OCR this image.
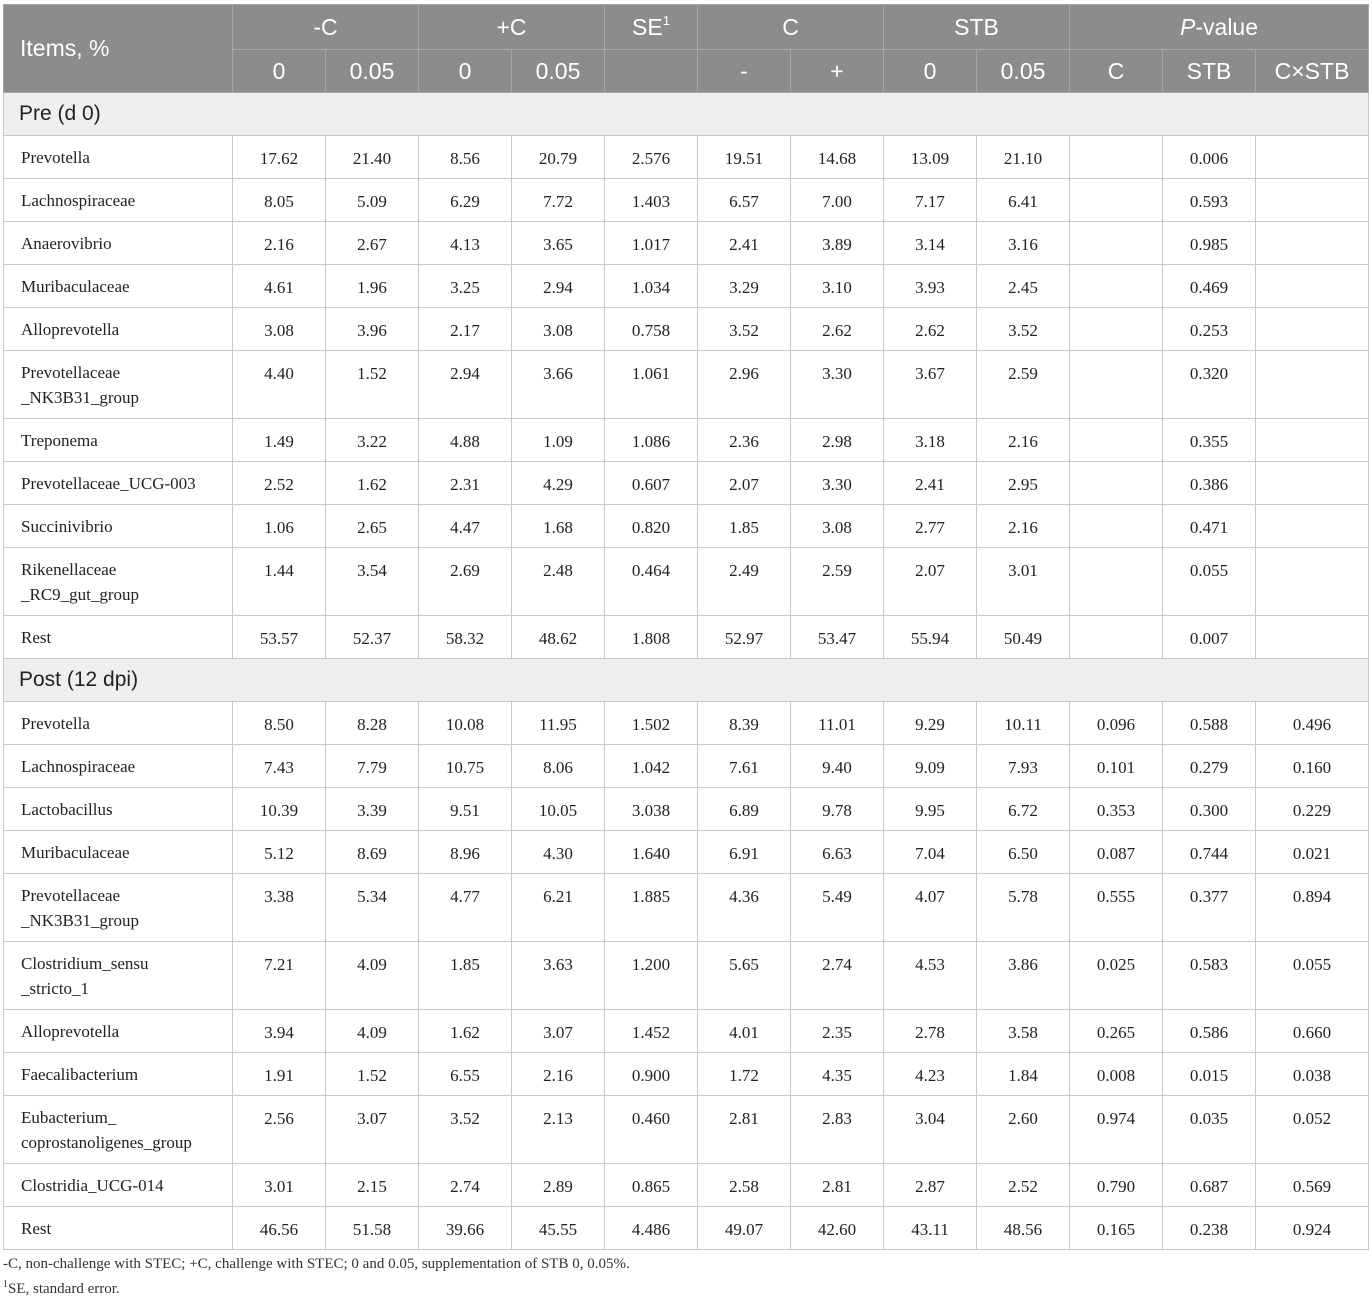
Items, %	-C		+C		$SE^1$	C		STB		P-value		
	0	0.05	0	0.05		-	+	0	0.05	C	STB	C×STB
Pre (d 0)												
Prevotella	17.62	21.40	8.56	20.79	2.576	19.51	14.68	13.09	21.10		0.006	
Lachnospiraceae	8.05	5.09	6.29	7.72	1.403	6.57	7.00	7.17	6.41		0.593	
Anaerovibrio	2.16	2.67	4.13	3.65	1.017	2.41	3.89	3.14	3.16		0.985	
Muribaculaceae	4.61	1.96	3.25	2.94	1.034	3.29	3.10	3.93	2.45		0.469	
Alloprevotella	3.08	3.96	2.17	3.08	0.758	3.52	2.62	2.62	3.52		0.253	
Prevotellaceae
_NK3B31_group	4.40	1.52	2.94	3.66	1.061	2.96	3.30	3.67	2.59		0.320	
Treponema	1.49	3.22	4.88	1.09	1.086	2.36	2.98	3.18	2.16		0.355	
Prevotellaceae_UCG-003	2.52	1.62	2.31	4.29	0.607	2.07	3.30	2.41	2.95		0.386	
Succinivibrio	1.06	2.65	4.47	1.68	0.820	1.85	3.08	2.77	2.16		0.471	
Rikenellaceae
_RC9_gut_group	1.44	3.54	2.69	2.48	0.464	2.49	2.59	2.07	3.01		0.055	
Rest	53.57	52.37	58.32	48.62	1.808	52.97	53.47	55.94	50.49		0.007	
Post (12 dpi)												
Prevotella	8.50	8.28	10.08	11.95	1.502	8.39	11.01	9.29	10.11	0.096	0.588	0.496
Lachnospiraceae	7.43	7.79	10.75	8.06	1.042	7.61	9.40	9.09	7.93	0.101	0.279	0.160
Lactobacillus	10.39	3.39	9.51	10.05	3.038	6.89	9.78	9.95	6.72	0.353	0.300	0.229
Muribaculaceae	5.12	8.69	8.96	4.30	1.640	6.91	6.63	7.04	6.50	0.087	0.744	0.021
Prevotellaceae
_NK3B31_group	3.38	5.34	4.77	6.21	1.885	4.36	5.49	4.07	5.78	0.555	0.377	0.894
Clostridium_sensu
_stricto_1	7.21	4.09	1.85	3.63	1.200	5.65	2.74	4.53	3.86	0.025	0.583	0.055
Alloprevotella	3.94	4.09	1.62	3.07	1.452	4.01	2.35	2.78	3.58	0.265	0.586	0.660
Faecalibacterium	1.91	1.52	6.55	2.16	0.900	1.72	4.35	4.23	1.84	0.008	0.015	0.038
Eubacterium_
coprostanoligenes_group	2.56	3.07	3.52	2.13	0.460	2.81	2.83	3.04	2.60	0.974	0.035	0.052
Clostridia_UCG-014	3.01	2.15	2.74	2.89	0.865	2.58	2.81	2.87	2.52	0.790	0.687	0.569
Rest	46.56	51.58	39.66	45.55	4.486	49.07	42.60	43.11	48.56	0.165	0.238	0.924
-C, non-challenge with STEC; +C, challenge with STEC; 0 and 0.05, supplementation of STB 0, 0.05%.
$^1$SE, standard error.
